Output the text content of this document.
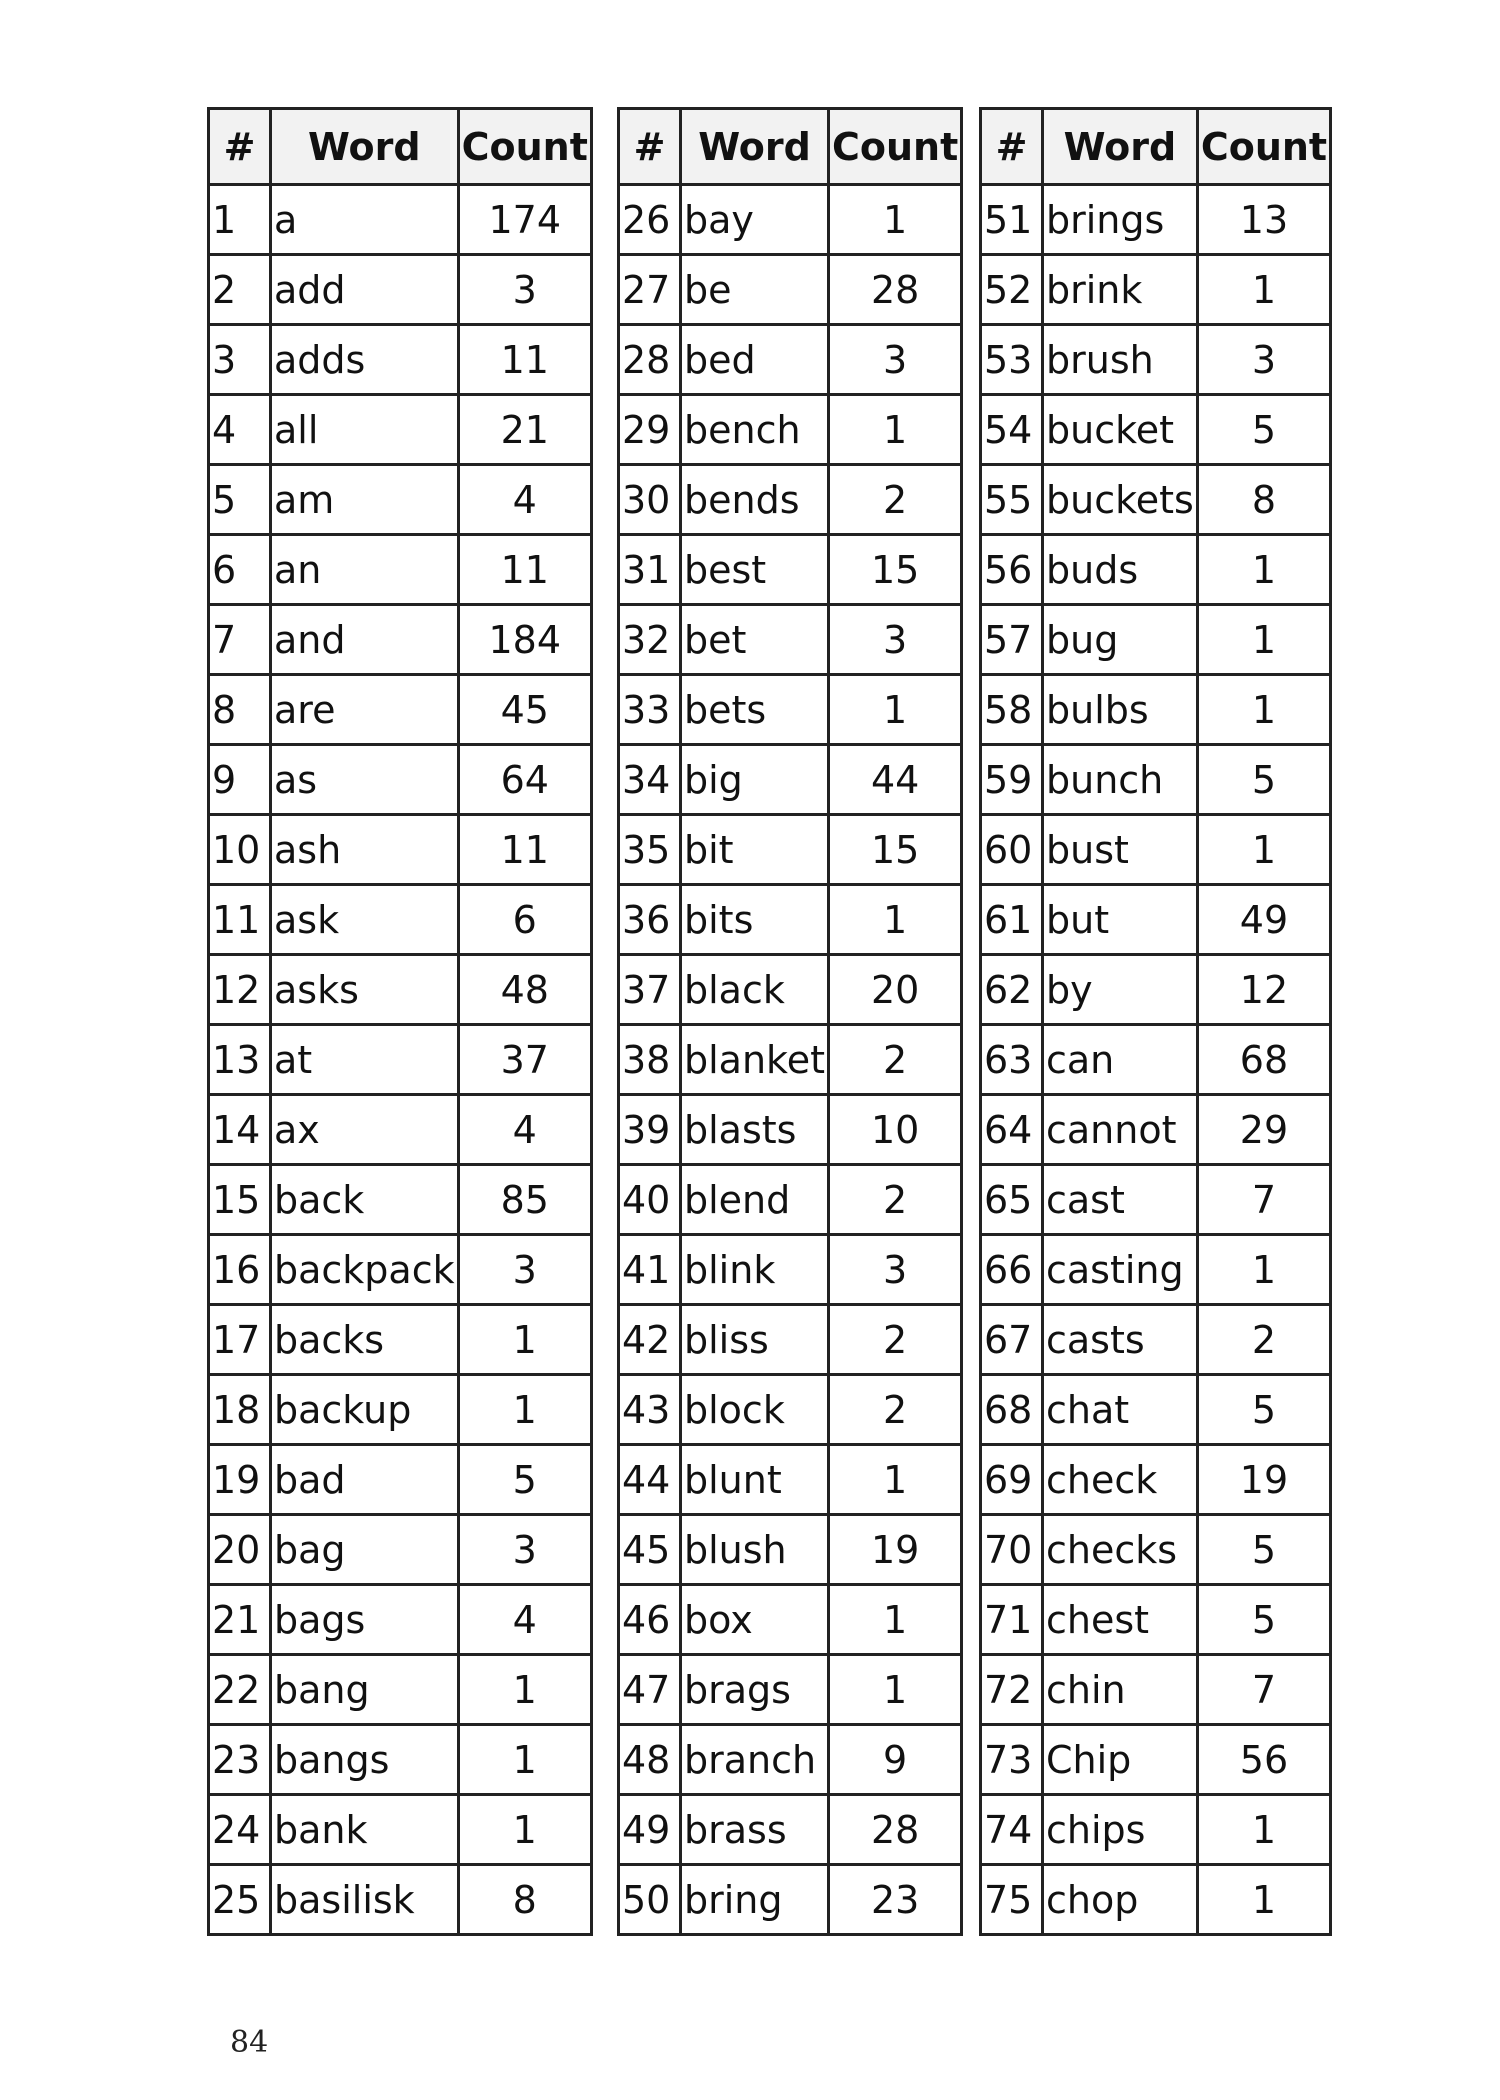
#	Word	Count
1	a	174
2	add	3
3	adds	11
4	all	21
5	am	4
6	an	11
7	and	184
8	are	45
9	as	64
10	ash	11
11	ask	6
12	asks	48
13	at	37
14	ax	4
15	back	85
16	backpack	3
17	backs	1
18	backup	1
19	bad	5
20	bag	3
21	bags	4
22	bang	1
23	bangs	1
24	bank	1
25	basilisk	8
#	Word	Count
26	bay	1
27	be	28
28	bed	3
29	bench	1
30	bends	2
31	best	15
32	bet	3
33	bets	1
34	big	44
35	bit	15
36	bits	1
37	black	20
38	blanket	2
39	blasts	10
40	blend	2
41	blink	3
42	bliss	2
43	block	2
44	blunt	1
45	blush	19
46	box	1
47	brags	1
48	branch	9
49	brass	28
50	bring	23
#	Word	Count
51	brings	13
52	brink	1
53	brush	3
54	bucket	5
55	buckets	8
56	buds	1
57	bug	1
58	bulbs	1
59	bunch	5
60	bust	1
61	but	49
62	by	12
63	can	68
64	cannot	29
65	cast	7
66	casting	1
67	casts	2
68	chat	5
69	check	19
70	checks	5
71	chest	5
72	chin	7
73	Chip	56
74	chips	1
75	chop	1
84
